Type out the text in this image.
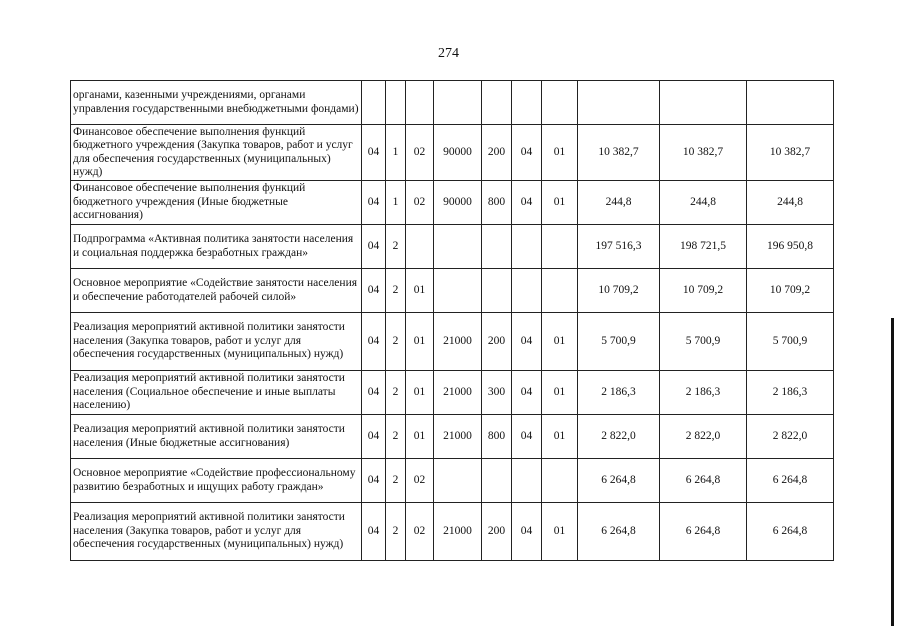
274
органами, казенными учреждениями, органами управления государственными внебюджетными фондами)										
Финансовое обеспечение выполнения функций бюджетного учреждения (Закупка товаров, работ и услуг для обеспечения государственных (муниципальных) нужд)	04	1	02	90000	200	04	01	10 382,7	10 382,7	10 382,7
Финансовое обеспечение выполнения функций бюджетного учреждения (Иные бюджетные ассигнования)	04	1	02	90000	800	04	01	244,8	244,8	244,8
Подпрограмма «Активная политика занятости населения и социальная поддержка безработных граждан»	04	2						197 516,3	198 721,5	196 950,8
Основное мероприятие «Содействие занятости населения и обеспечение работодателей рабочей силой»	04	2	01					10 709,2	10 709,2	10 709,2
Реализация мероприятий активной политики занятости населения (Закупка товаров, работ и услуг для обеспечения государственных (муниципальных) нужд)	04	2	01	21000	200	04	01	5 700,9	5 700,9	5 700,9
Реализация мероприятий активной политики занятости населения (Социальное обеспечение и иные выплаты населению)	04	2	01	21000	300	04	01	2 186,3	2 186,3	2 186,3
Реализация мероприятий активной политики занятости населения (Иные бюджетные ассигнования)	04	2	01	21000	800	04	01	2 822,0	2 822,0	2 822,0
Основное мероприятие «Содействие профессиональному развитию безработных и ищущих работу граждан»	04	2	02					6 264,8	6 264,8	6 264,8
Реализация мероприятий активной политики занятости населения (Закупка товаров, работ и услуг для обеспечения государственных (муниципальных) нужд)	04	2	02	21000	200	04	01	6 264,8	6 264,8	6 264,8
